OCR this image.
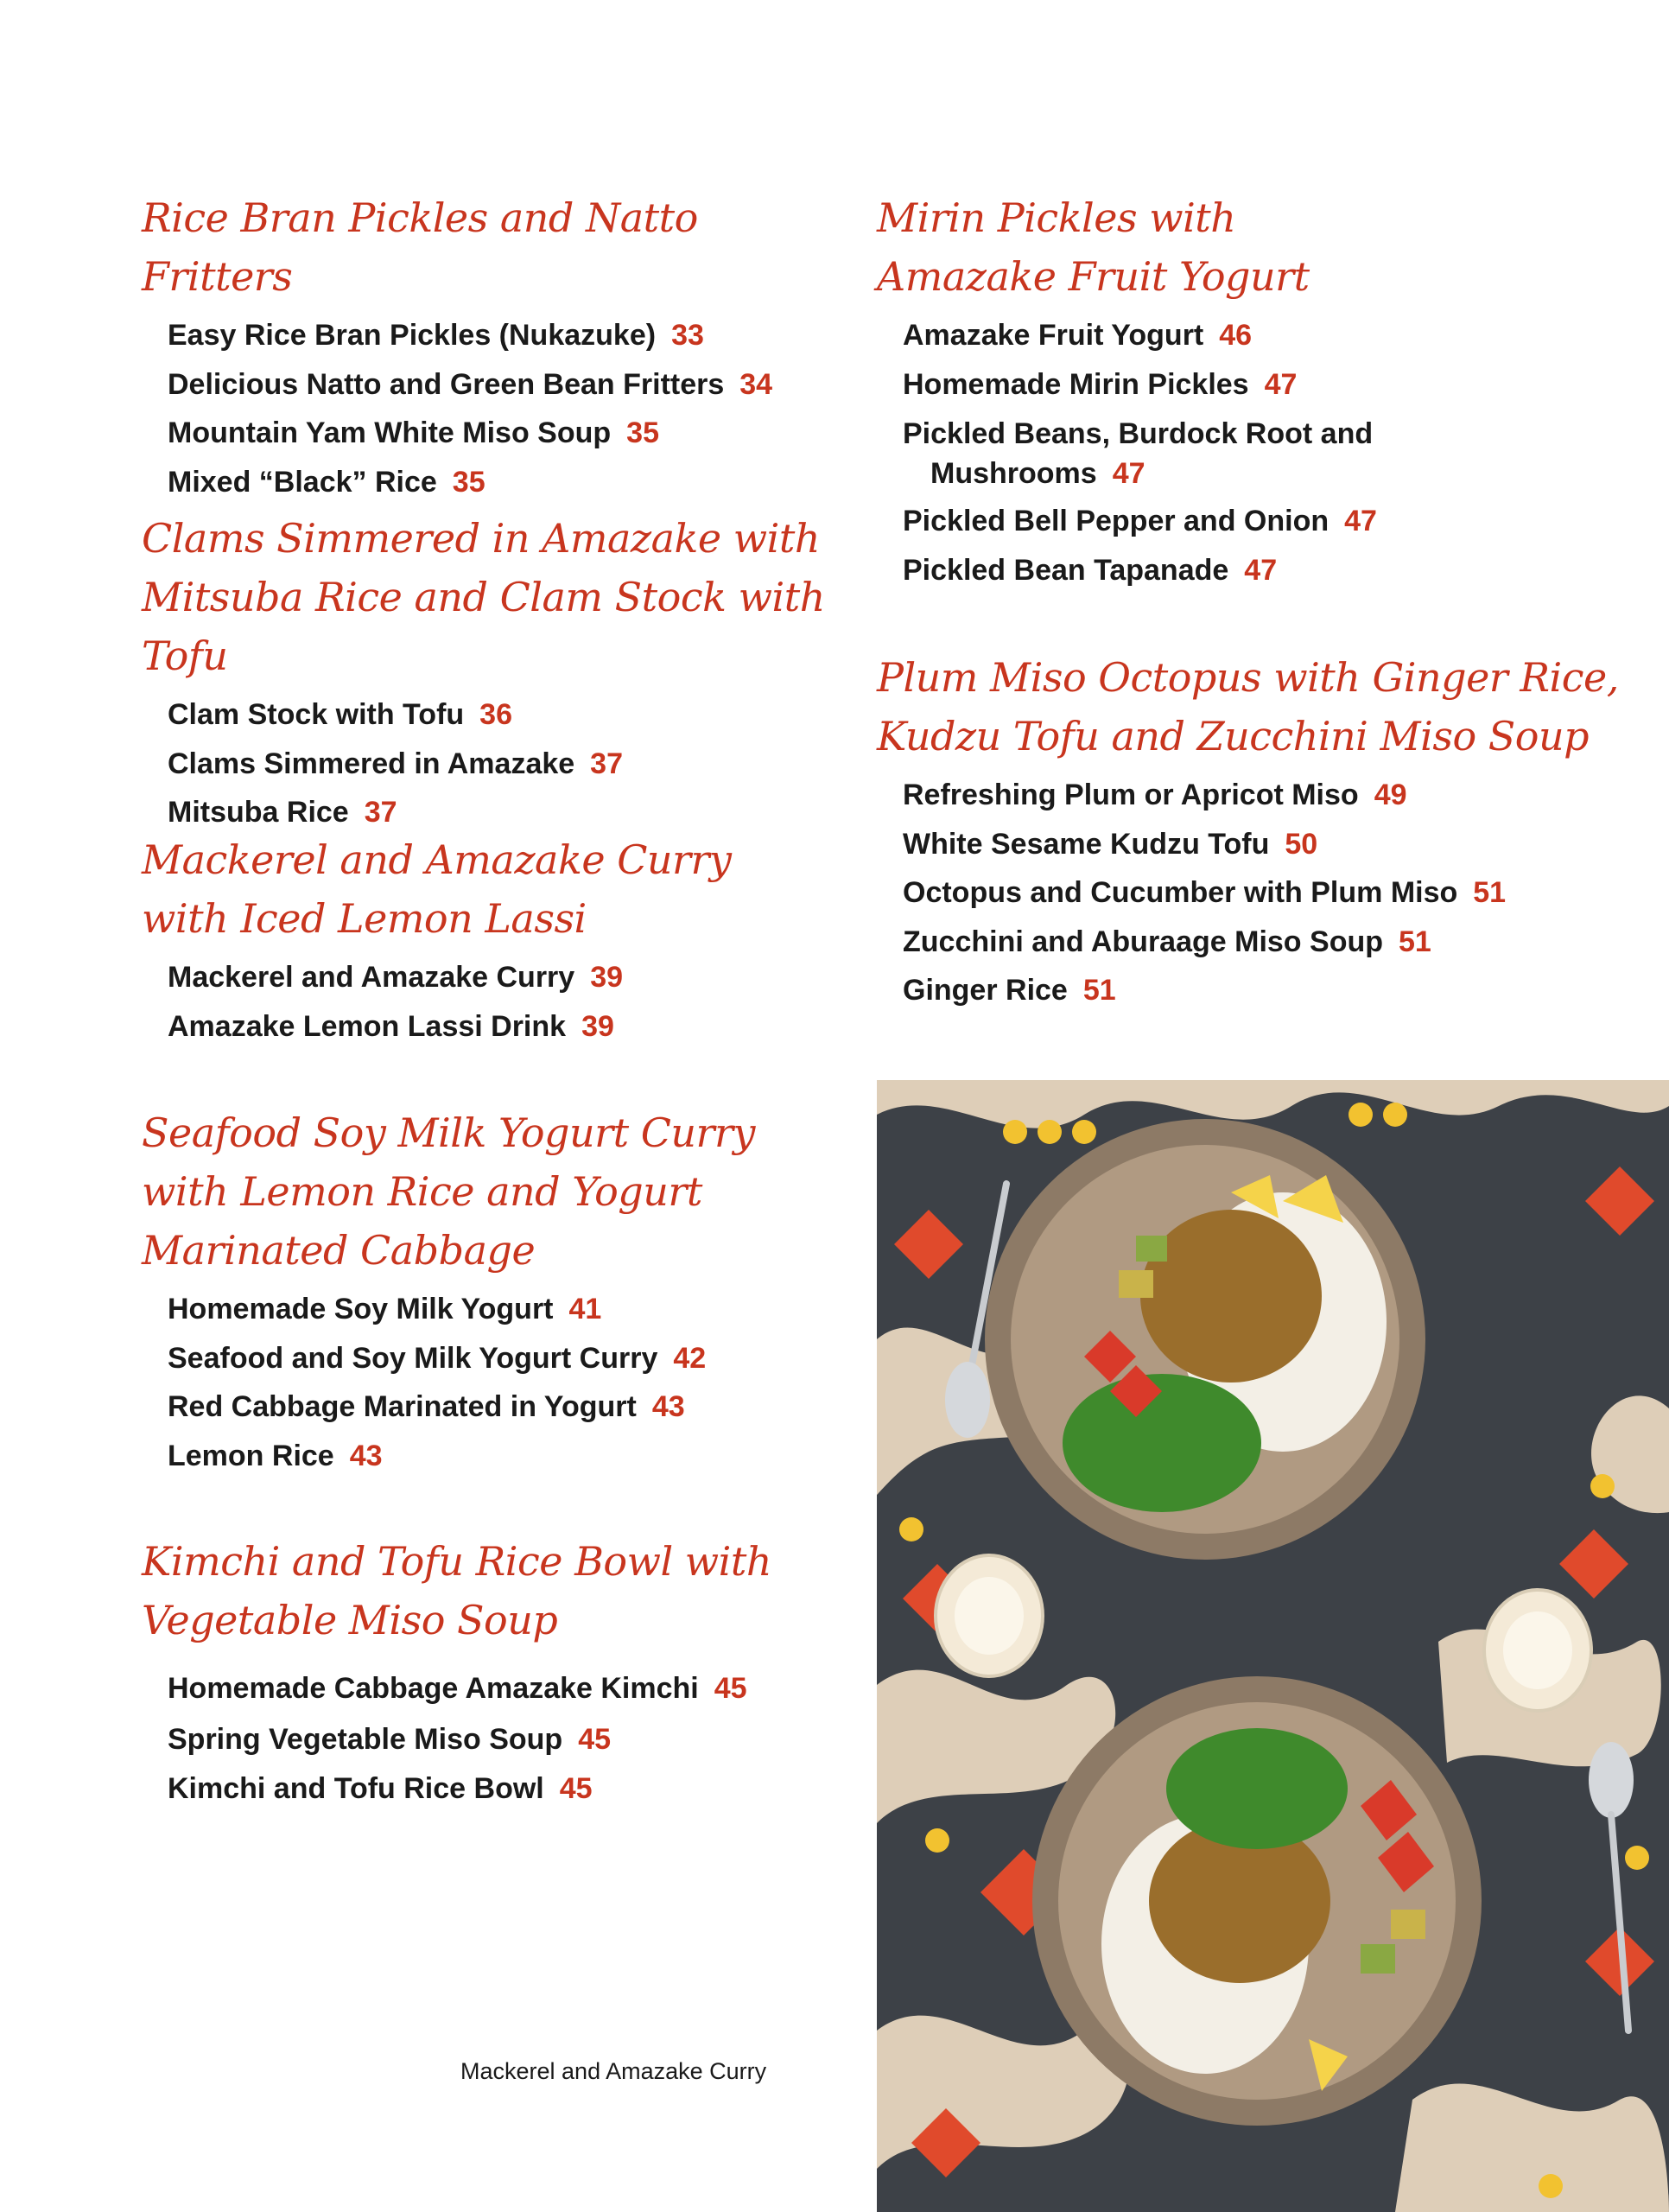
Rice Bran Pickles and Natto Fritters
Easy Rice Bran Pickles (Nukazuke) 33
Delicious Natto and Green Bean Fritters 34
Mountain Yam White Miso Soup 35
Mixed “Black” Rice 35
Clams Simmered in Amazake with
Mitsuba Rice and Clam Stock with Tofu
Clam Stock with Tofu 36
Clams Simmered in Amazake 37
Mitsuba Rice 37
Mackerel and Amazake Curry
with Iced Lemon Lassi
Mackerel and Amazake Curry 39
Amazake Lemon Lassi Drink 39
Seafood Soy Milk Yogurt Curry
with Lemon Rice and Yogurt
Marinated Cabbage
Homemade Soy Milk Yogurt 41
Seafood and Soy Milk Yogurt Curry 42
Red Cabbage Marinated in Yogurt 43
Lemon Rice 43
Kimchi and Tofu Rice Bowl with
Vegetable Miso Soup
Homemade Cabbage Amazake Kimchi 45
Spring Vegetable Miso Soup 45
Kimchi and Tofu Rice Bowl 45
Mirin Pickles with
Amazake Fruit Yogurt
Amazake Fruit Yogurt 46
Homemade Mirin Pickles 47
Pickled Beans, Burdock Root and
Mushrooms 47
Pickled Bell Pepper and Onion 47
Pickled Bean Tapanade 47
Plum Miso Octopus with Ginger Rice,
Kudzu Tofu and Zucchini Miso Soup
Refreshing Plum or Apricot Miso 49
White Sesame Kudzu Tofu 50
Octopus and Cucumber with Plum Miso 51
Zucchini and Aburaage Miso Soup 51
Ginger Rice 51
Mackerel and Amazake Curry
